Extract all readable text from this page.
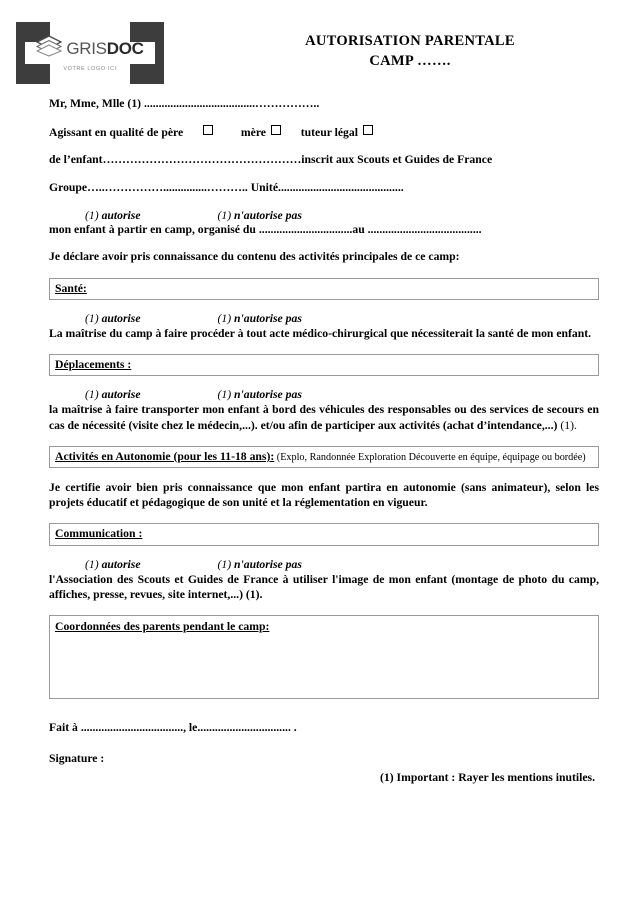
GRISDOC
VOTRE LOGO ICI
AUTORISATION PARENTALE
CAMP …….
Mr, Mme, Mlle (1) ......................................……………..
Agissant en qualité de père	mère	tuteur légal
de l’enfant……………………………………………inscrit aux Scouts et Guides de France
Groupe…..……………...............……….. Unité...........................................
(1) autorise	(1) n'autorise pas
mon enfant à partir en camp, organisé du ................................au .......................................
Je déclare avoir pris connaissance du contenu des activités principales de ce camp:
Santé:
(1) autorise	(1) n'autorise pas
La maîtrise du camp à faire procéder à tout acte médico-chirurgical que nécessiterait la santé de mon enfant.
Déplacements :
(1) autorise	(1) n'autorise pas
la maîtrise à faire transporter mon enfant à bord des véhicules des responsables ou des services de secours en cas de nécessité (visite chez le médecin,...). et/ou afin de participer aux activités (achat d’intendance,...) (1).
Activités en Autonomie (pour les 11-18 ans): (Explo, Randonnée Exploration Découverte en équipe, équipage ou bordée)
Je certifie avoir bien pris connaissance que mon enfant partira en autonomie (sans animateur), selon les projets éducatif et pédagogique de son unité et la réglementation en vigueur.
Communication :
(1) autorise	(1) n'autorise pas
l'Association des Scouts et Guides de France à utiliser l'image de mon enfant (montage de photo du camp, affiches, presse, revues, site internet,...) (1).
Coordonnées des parents pendant le camp:
Fait à ..................................., le................................ .
Signature :
(1) Important : Rayer les mentions inutiles.
